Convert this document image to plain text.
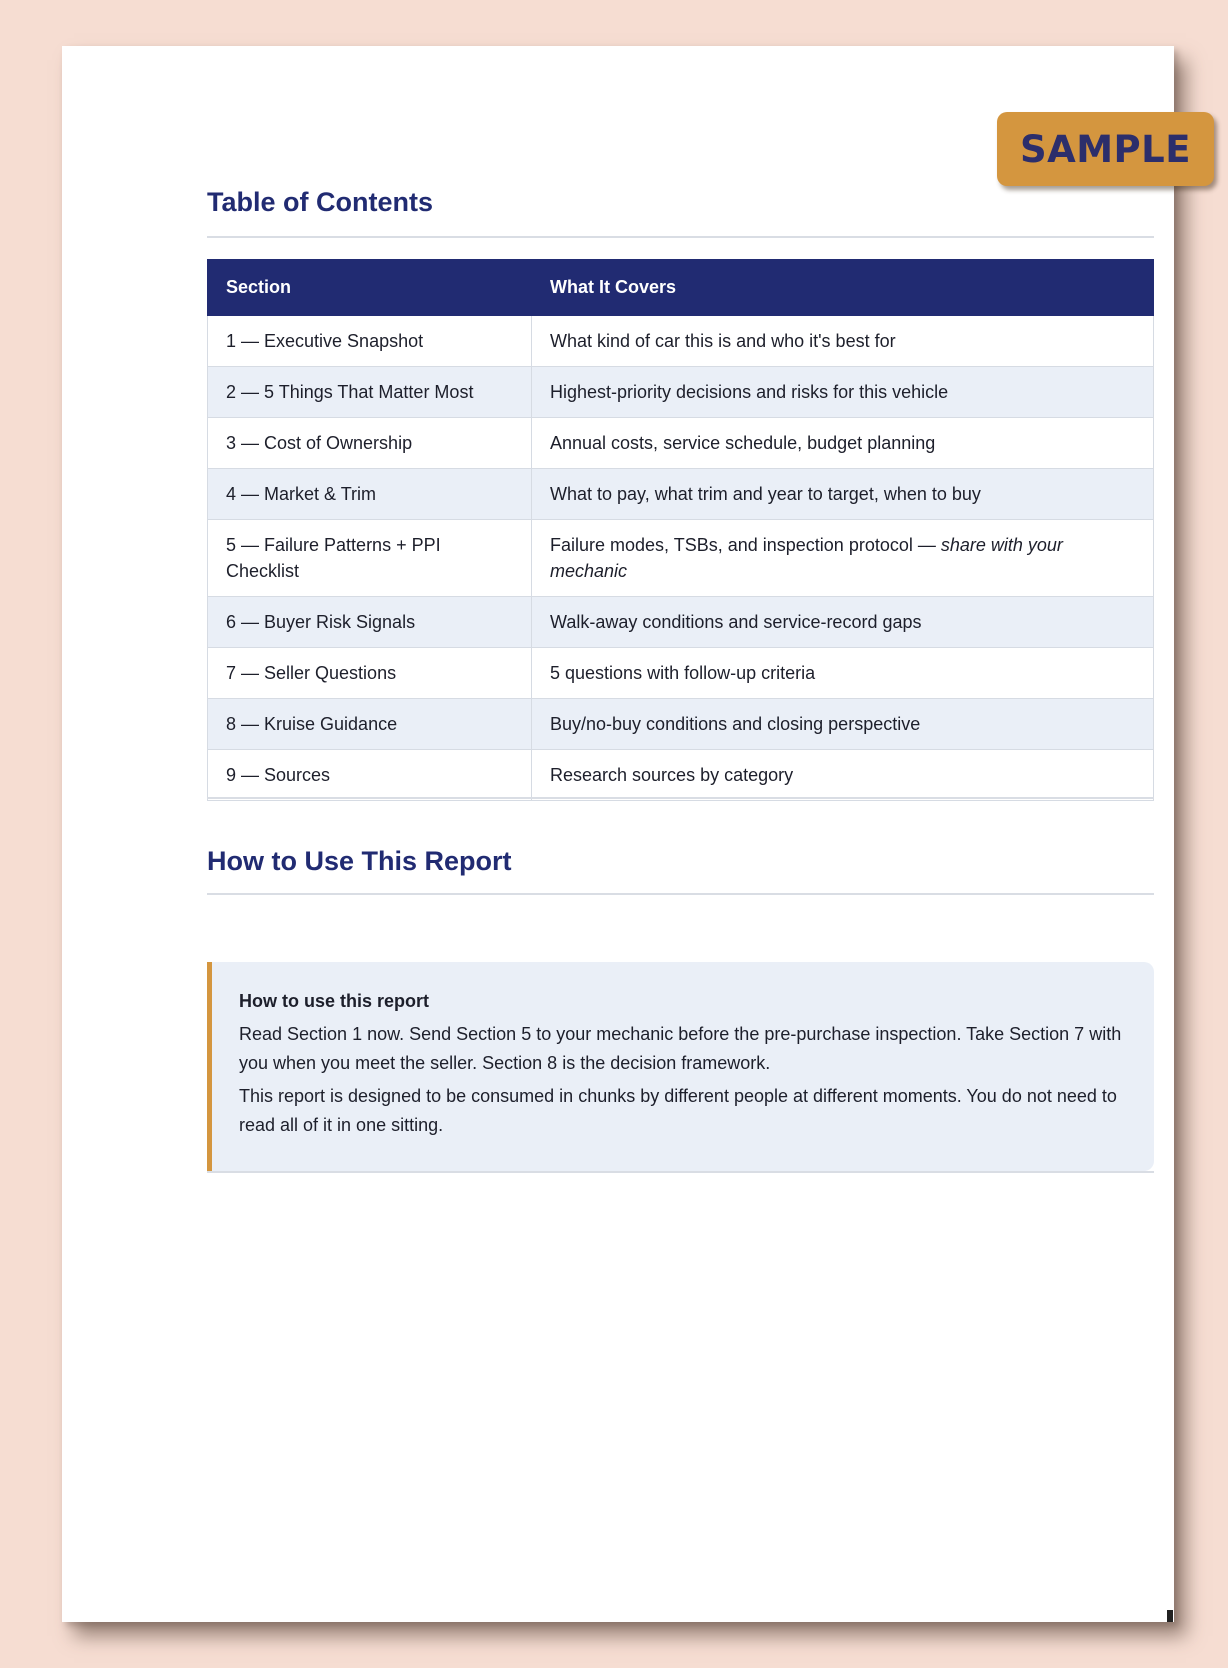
SAMPLE
Table of Contents
Section	What It Covers
1 — Executive Snapshot	What kind of car this is and who it's best for
2 — 5 Things That Matter Most	Highest-priority decisions and risks for this vehicle
3 — Cost of Ownership	Annual costs, service schedule, budget planning
4 — Market & Trim	What to pay, what trim and year to target, when to buy
5 — Failure Patterns + PPI Checklist	Failure modes, TSBs, and inspection protocol — share with your mechanic
6 — Buyer Risk Signals	Walk-away conditions and service-record gaps
7 — Seller Questions	5 questions with follow-up criteria
8 — Kruise Guidance	Buy/no-buy conditions and closing perspective
9 — Sources	Research sources by category
How to Use This Report
How to use this report

Read Section 1 now. Send Section 5 to your mechanic before the pre-purchase inspection. Take Section 7 with you when you meet the seller. Section 8 is the decision framework.

This report is designed to be consumed in chunks by different people at different moments. You do not need to read all of it in one sitting.
